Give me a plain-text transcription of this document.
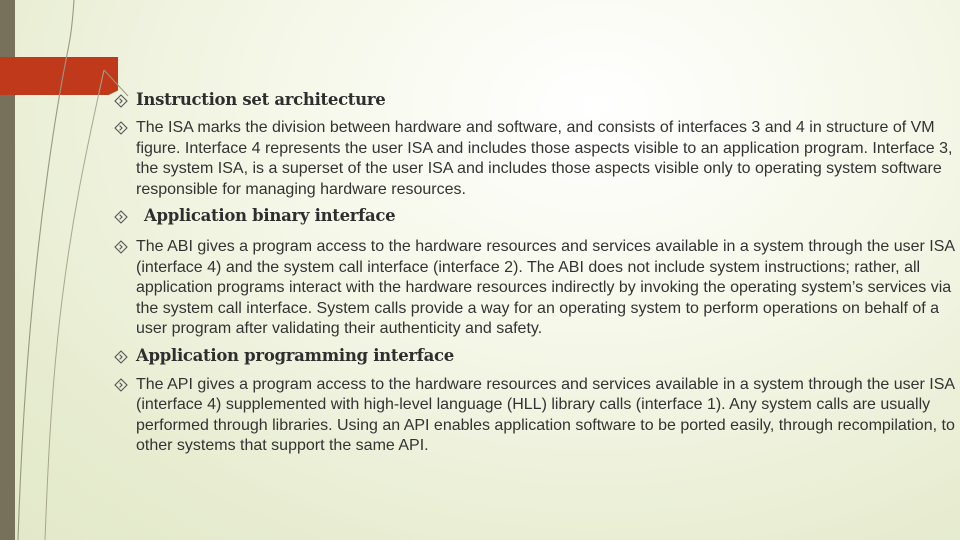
Instruction set architecture
The ISA marks the division between hardware and software, and consists of interfaces 3 and 4 in structure of VM figure. Interface 4 represents the user ISA and includes those aspects visible to an application program. Interface 3, the system ISA, is a superset of the user ISA and includes those aspects visible only to operating system software responsible for managing hardware resources.
Application binary interface
The ABI gives a program access to the hardware resources and services available in a system through the user ISA (interface 4) and the system call interface (interface 2). The ABI does not include system instructions; rather, all application programs interact with the hardware resources indirectly by invoking the operating system’s services via the system call interface. System calls provide a way for an operating system to perform operations on behalf of a user program after validating their authenticity and safety.
Application programming interface
The API gives a program access to the hardware resources and services available in a system through the user ISA (interface 4) supplemented with high-level language (HLL) library calls (interface 1). Any system calls are usually performed through libraries. Using an API enables application software to be ported easily, through recompilation, to other systems that support the same API.
